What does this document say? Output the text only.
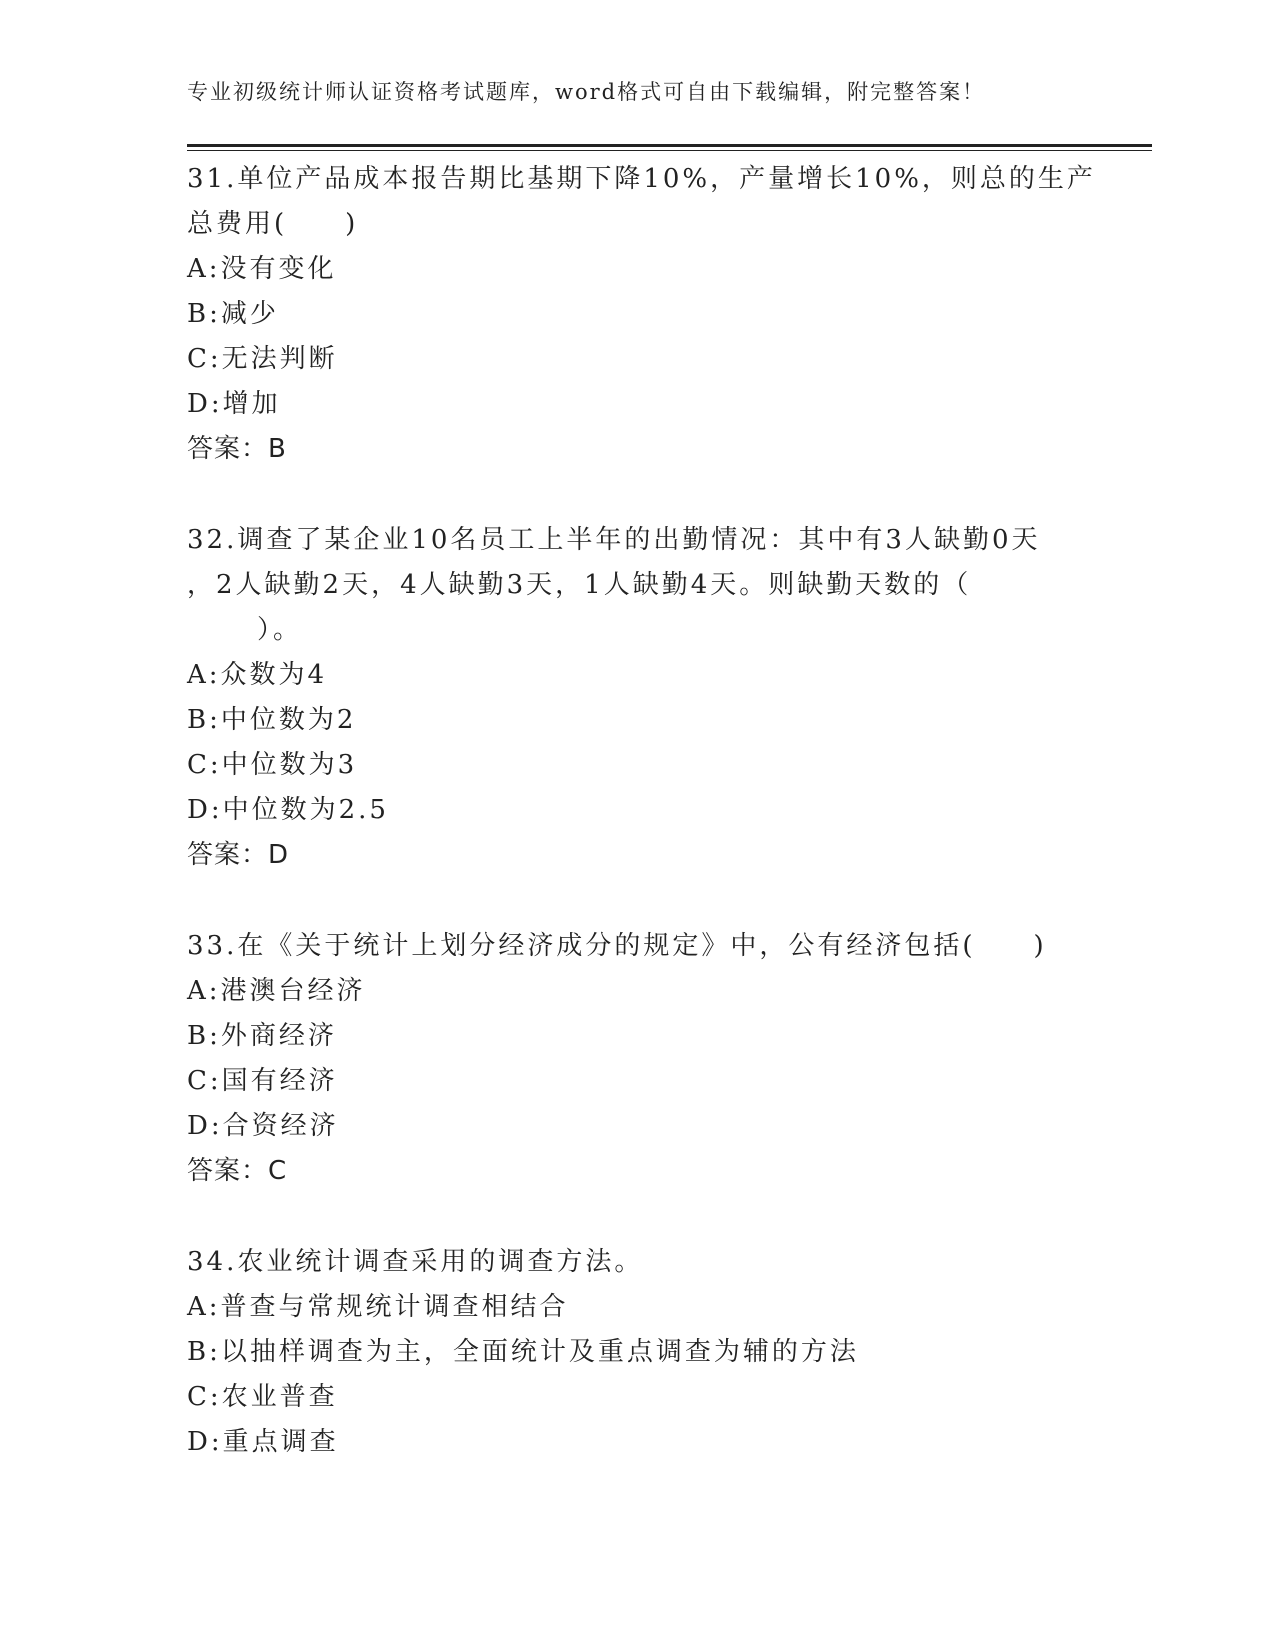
专业初级统计师认证资格考试题库，word格式可自由下载编辑，附完整答案！
31.单位产品成本报告期比基期下降10%，产量增长10%，则总的生产
总费用(　　)
A:没有变化
B:减少
C:无法判断
D:增加
答案：B
32.调查了某企业10名员工上半年的出勤情况：其中有3人缺勤0天
，2人缺勤2天，4人缺勤3天，1人缺勤4天。则缺勤天数的（
）。
A:众数为4
B:中位数为2
C:中位数为3
D:中位数为2.5
答案：D
33.在《关于统计上划分经济成分的规定》中，公有经济包括(　　)
A:港澳台经济
B:外商经济
C:国有经济
D:合资经济
答案：C
34.农业统计调查采用的调查方法。
A:普查与常规统计调查相结合
B:以抽样调查为主，全面统计及重点调查为辅的方法
C:农业普查
D:重点调查
